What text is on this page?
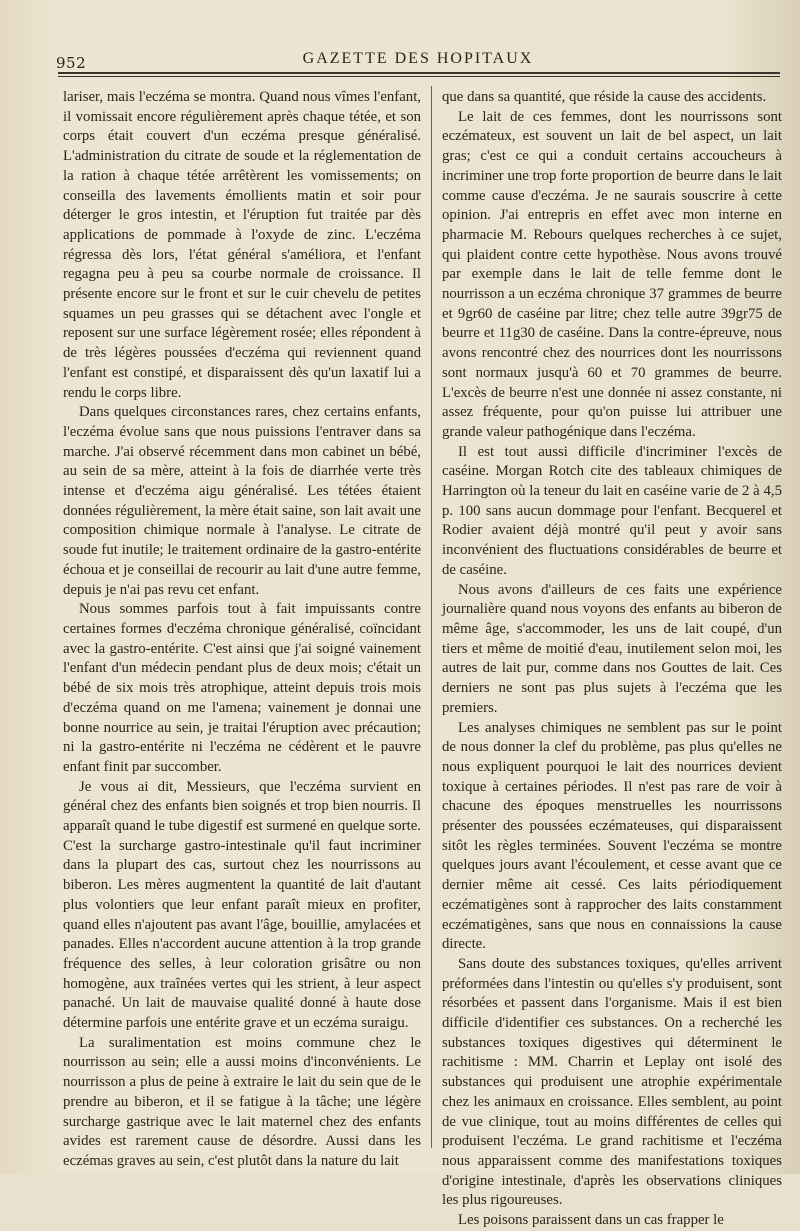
952	GAZETTE DES HOPITAUX

lariser, mais l'eczéma se montra. Quand nous vîmes l'enfant, il vomissait encore régulièrement après chaque tétée, et son corps était couvert d'un eczéma presque généralisé. L'administration du citrate de soude et la réglementation de la ration à chaque tétée arrêtèrent les vomissements; on conseilla des lavements émollients matin et soir pour déterger le gros intestin, et l'éruption fut traitée par dès applications de pommade à l'oxyde de zinc. L'eczéma régressa dès lors, l'état général s'améliora, et l'enfant regagna peu à peu sa courbe normale de croissance. Il présente encore sur le front et sur le cuir chevelu de petites squames un peu grasses qui se détachent avec l'ongle et reposent sur une surface légèrement rosée; elles répondent à de très légères poussées d'eczéma qui reviennent quand l'enfant est constipé, et disparaissent dès qu'un laxatif lui a rendu le corps libre.

Dans quelques circonstances rares, chez certains enfants, l'eczéma évolue sans que nous puissions l'entraver dans sa marche. J'ai observé récemment dans mon cabinet un bébé, au sein de sa mère, atteint à la fois de diarrhée verte très intense et d'eczéma aigu généralisé. Les tétées étaient données régulièrement, la mère était saine, son lait avait une composition chimique normale à l'analyse. Le citrate de soude fut inutile; le traitement ordinaire de la gastro-entérite échoua et je conseillai de recourir au lait d'une autre femme, depuis je n'ai pas revu cet enfant.

Nous sommes parfois tout à fait impuissants contre certaines formes d'eczéma chronique généralisé, coïncidant avec la gastro-entérite. C'est ainsi que j'ai soigné vainement l'enfant d'un médecin pendant plus de deux mois; c'était un bébé de six mois très atrophique, atteint depuis trois mois d'eczéma quand on me l'amena; vainement je donnai une bonne nourrice au sein, je traitai l'éruption avec précaution; ni la gastro-entérite ni l'eczéma ne cédèrent et le pauvre enfant finit par succomber.

Je vous ai dit, Messieurs, que l'eczéma survient en général chez des enfants bien soignés et trop bien nourris. Il apparaît quand le tube digestif est surmené en quelque sorte. C'est la surcharge gastro-intestinale qu'il faut incriminer dans la plupart des cas, surtout chez les nourrissons au biberon. Les mères augmentent la quantité de lait d'autant plus volontiers que leur enfant paraît mieux en profiter, quand elles n'ajoutent pas avant l'âge, bouillie, amylacées et panades. Elles n'accordent aucune attention à la trop grande fréquence des selles, à leur coloration grisâtre ou non homogène, aux traînées vertes qui les strient, à leur aspect panaché. Un lait de mauvaise qualité donné à haute dose détermine parfois une entérite grave et un eczéma suraigu.

La suralimentation est moins commune chez le nourrisson au sein; elle a aussi moins d'inconvénients. Le nourrisson a plus de peine à extraire le lait du sein que de le prendre au biberon, et il se fatigue à la tâche; une légère surcharge gastrique avec le lait maternel chez des enfants avides est rarement cause de désordre. Aussi dans les eczémas graves au sein, c'est plutôt dans la nature du lait

que dans sa quantité, que réside la cause des accidents.

Le lait de ces femmes, dont les nourrissons sont eczémateux, est souvent un lait de bel aspect, un lait gras; c'est ce qui a conduit certains accoucheurs à incriminer une trop forte proportion de beurre dans le lait comme cause d'eczéma. Je ne saurais souscrire à cette opinion. J'ai entrepris en effet avec mon interne en pharmacie M. Rebours quelques recherches à ce sujet, qui plaident contre cette hypothèse. Nous avons trouvé par exemple dans le lait de telle femme dont le nourrisson a un eczéma chronique 37 grammes de beurre et 9gr60 de caséine par litre; chez telle autre 39gr75 de beurre et 11g30 de caséine. Dans la contre-épreuve, nous avons rencontré chez des nourrices dont les nourrissons sont normaux jusqu'à 60 et 70 grammes de beurre. L'excès de beurre n'est une donnée ni assez constante, ni assez fréquente, pour qu'on puisse lui attribuer une grande valeur pathogénique dans l'eczéma.

Il est tout aussi difficile d'incriminer l'excès de caséine. Morgan Rotch cite des tableaux chimiques de Harrington où la teneur du lait en caséine varie de 2 à 4,5 p. 100 sans aucun dommage pour l'enfant. Becquerel et Rodier avaient déjà montré qu'il peut y avoir sans inconvénient des fluctuations considérables de beurre et de caséine.

Nous avons d'ailleurs de ces faits une expérience journalière quand nous voyons des enfants au biberon de même âge, s'accommoder, les uns de lait coupé, d'un tiers et même de moitié d'eau, inutilement selon moi, les autres de lait pur, comme dans nos Gouttes de lait. Ces derniers ne sont pas plus sujets à l'eczéma que les premiers.

Les analyses chimiques ne semblent pas sur le point de nous donner la clef du problème, pas plus qu'elles ne nous expliquent pourquoi le lait des nourrices devient toxique à certaines périodes. Il n'est pas rare de voir à chacune des époques menstruelles les nourrissons présenter des poussées eczémateuses, qui disparaissent sitôt les règles terminées. Souvent l'eczéma se montre quelques jours avant l'écoulement, et cesse avant que ce dernier même ait cessé. Ces laits périodiquement eczématigènes sont à rapprocher des laits constamment eczématigènes, sans que nous en connaissions la cause directe.

Sans doute des substances toxiques, qu'elles arrivent préformées dans l'intestin ou qu'elles s'y produisent, sont résorbées et passent dans l'organisme. Mais il est bien difficile d'identifier ces substances. On a recherché les substances toxiques digestives qui déterminent le rachitisme : MM. Charrin et Leplay ont isolé des substances qui produisent une atrophie expérimentale chez les animaux en croissance. Elles semblent, au point de vue clinique, tout au moins différentes de celles qui produisent l'eczéma. Le grand rachitisme et l'eczéma nous apparaissent comme des manifestations toxiques d'origine intestinale, d'après les observations cliniques les plus rigoureuses.

Les poisons paraissent dans un cas frapper le
